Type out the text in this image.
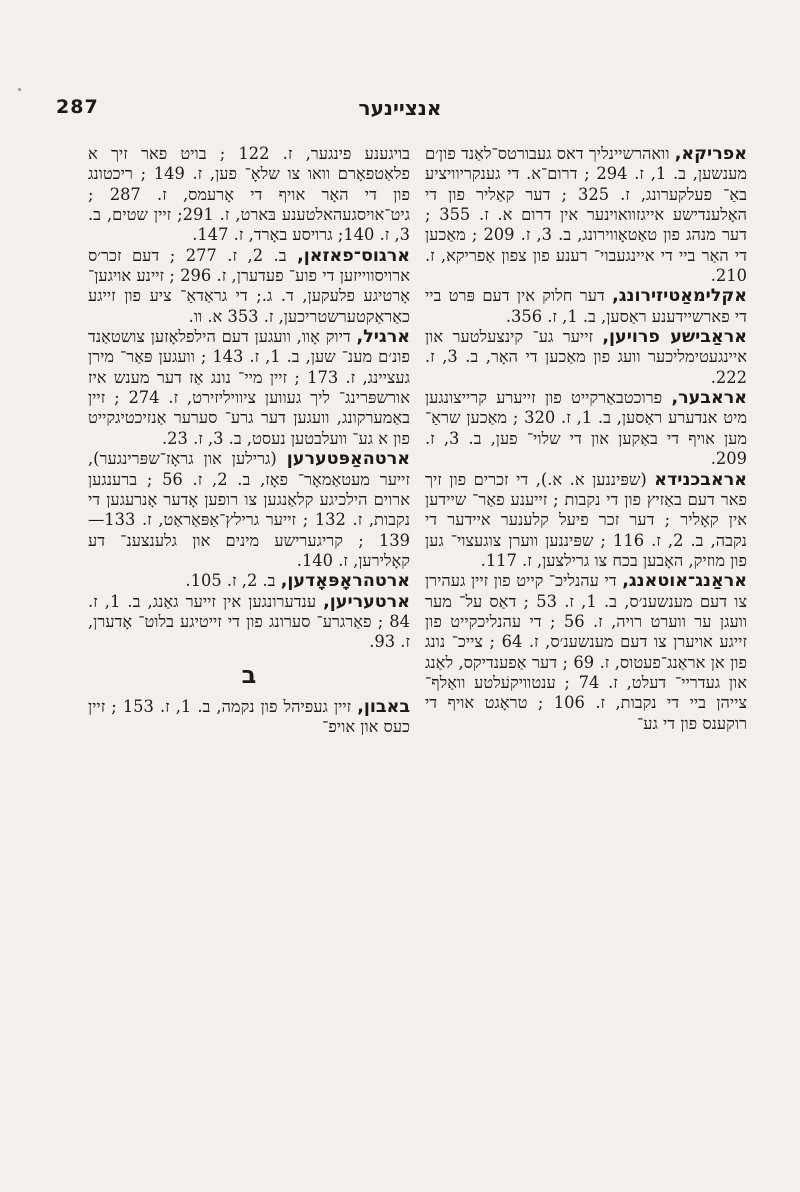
287	אנציינער

אפריקא, וואהרשיינליך דאס געבורטס־לאַנד פון׳ם מענשען, ב. 1, ז. 294 ; דרום־א. די גענקריוויציע באַ־ פעלקערונג, ז. 325 ; דער קאַליר פון די האָלענדישע אייגזוואוינער אין דרום א. ז. 355 ; דער מנהג פון טאַטאָווירונג, ב. 3, ז. 209 ; מאַכען די האַר ביי די איינגעבוי־ רענע פון צפון אַפריקא, ז. 210.

אקלימאַטיזירונג, דער חלוק אין דעם פּרט ביי די פארשיידענע ראַסען, ב. 1, ז. 356.

אראַבישע פרויען, זייער גע־ קינצעלטער און איינגעטימליכער וועג פון מאַכען די האָר, ב. 3, ז. 222.

אראבער, פרוכטבאַרקייט פון זייערע קרייצונגען מיט אנדערע ראַסען, ב. 1, ז. 320 ; מאַכען שראַ־ מען אויף די באַקען און די שלוי־ פען, ב. 3, ז. 209.

אראבכנידא (שפּיננען א. א.), די זכרים פון זיך פאר דעם באַזיץ פון די נקבות ; זייענע פאַר־ שיידען אין קאָליר ; דער זכר פיעל קלענער איידער די נקבה, ב. 2, ז. 116 ; שפּיננען ווערן צוגעצוי־ גען פון מוזיק, האָבען בכח צו גרילצען, ז. 117.

אראַנג־אוטאנג, די עהנליכ־ קייט פון זיין געהירן צו דעם מענשענ׳ס, ב. 1, ז. 53 ; דאַס על־ מער וועגן ער ווערט רויה, ז. 56 ; די עהנליכקייט פון זייגע אויערן צו דעם מענשענ׳ס, ז. 64 ; צייכ־ נונג פון אן אראַנג־פעטוס, ז. 69 ; דער אַפענדיקס, לאַנג און געדריי־ דעלט, ז. 74 ; ענטוויקעלטע וואַלף־ צייהן ביי די נקבות, ז. 106 ; טראָגט אויף די רוקענס פון די גע־

בויגענע פינגער, ז. 122 ; בויט פאר זיך א פלאַטפאָרם וואו צו שלאָ־ פען, ז. 149 ; ריכטונג פון די האָר אויף די אָרעמס, ז. 287 ; גיט־אויסגעהאלטענע בּארט, ז. 291; זיין שטים, ב. 3, ז. 140; גרויסע באָרד, ז. 147.

ארגוס־פאזאן, ב. 2, ז. 277 ; דעם זכר׳ס ארויסווייזען די פוע־ פעדערן, ז. 296 ; זיינע אויגען־ אָרטיגע פלעקען, ד. ג.; די גראַדאַ־ ציע פון זייגע כאַראַקטערשטריכען, ז. 353 א. וו.

ארגיל, דיוק אָוו, וועגען דעם הילפלאָזען צושטאַנד פונ׳ם מענ־ שען, ב. 1, ז. 143 ; וועגען פּאַר־ מירן געציינג, ז. 173 ; זיין מיי־ נונג אַז דער מענש איז אורשפּרינג־ ליך געווען ציוויליזירט, ז. 274 ; זיין באַמערקונג, וועגען דער גרע־ סערער אַנזיכטיגקייט פון א גע־ וועלבטען נעסט, ב. 3, ז. 23.

ארטהאַפּטערען (גרילען און גראָז־שפּרינגער), זייער מעטאַמאָר־ פאָז, ב. 2, ז. 56 ; ברענגען ארוים הילכיגע קלאַנגען צו רופען אָדער אָנרעגען די נקבות, ז. 132 ; זייער גרילץ־אַפּאַראַט, ז. 133—139 ; קריגערישע מינים און גלענצענ־ דע קאָלירען, ז. 140.

ארטהראָפּאָדען, ב. 2, ז. 105.

ארטעריען, ענדערונגען אין זייער גאַנג, ב. 1, ז. 84 ; פאַרגרע־ סערונג פון די זייטיגע בלוט־ אָדערן, ז. 93.

ב

באבון, זיין געפיהל פון נקמה, ב. 1, ז. 153 ; זיין כעס און אויפ־
